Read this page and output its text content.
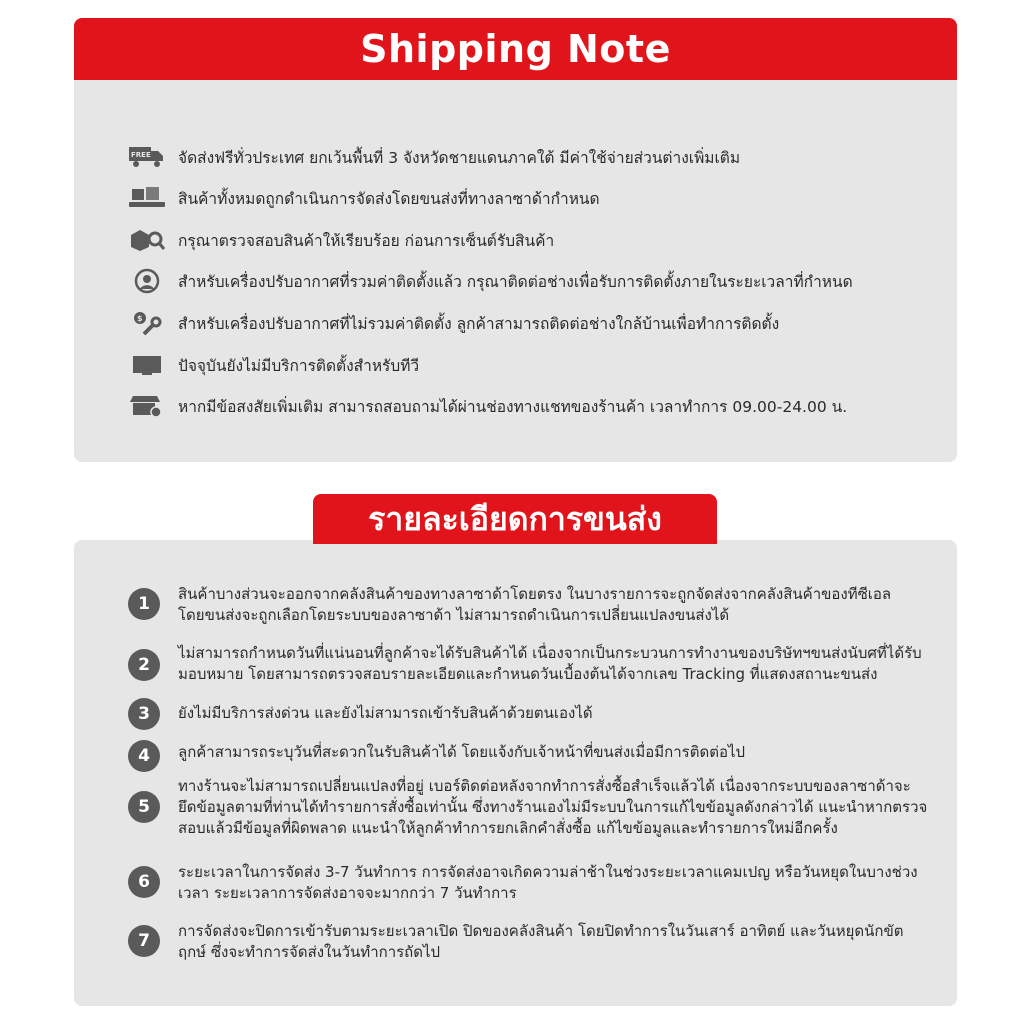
Shipping Note
FREE จัดส่งฟรีทั่วประเทศ ยกเว้นพื้นที่ 3 จังหวัดชายแดนภาคใต้ มีค่าใช้จ่ายส่วนต่างเพิ่มเติม
สินค้าทั้งหมดถูกดำเนินการจัดส่งโดยขนส่งที่ทางลาซาด้ากำหนด
กรุณาตรวจสอบสินค้าให้เรียบร้อย ก่อนการเซ็นต์รับสินค้า
สำหรับเครื่องปรับอากาศที่รวมค่าติดตั้งแล้ว กรุณาติดต่อช่างเพื่อรับการติดตั้งภายในระยะเวลาที่กำหนด
$ สำหรับเครื่องปรับอากาศที่ไม่รวมค่าติดตั้ง ลูกค้าสามารถติดต่อช่างใกล้บ้านเพื่อทำการติดตั้ง
ปัจจุบันยังไม่มีบริการติดตั้งสำหรับทีวี
หากมีข้อสงสัยเพิ่มเติม สามารถสอบถามได้ผ่านช่องทางแชทของร้านค้า เวลาทำการ 09.00-24.00 น.
รายละเอียดการขนส่ง
1	สินค้าบางส่วนจะออกจากคลังสินค้าของทางลาซาด้าโดยตรง ในบางรายการจะถูกจัดส่งจากคลังสินค้าของทีซีเอล
โดยขนส่งจะถูกเลือกโดยระบบของลาซาด้า ไม่สามารถดำเนินการเปลี่ยนแปลงขนส่งได้
2
ไม่สามารถกำหนดวันที่แน่นอนที่ลูกค้าจะได้รับสินค้าได้ เนื่องจากเป็นกระบวนการทำงานของบริษัทฯขนส่งนับศที่ได้รับ
มอบหมาย โดยสามารถตรวจสอบรายละเอียดและกำหนดวันเบื้องต้นได้จากเลข Tracking ที่แสดงสถานะขนส่ง
3	ยังไม่มีบริการส่งด่วน และยังไม่สามารถเข้ารับสินค้าด้วยตนเองได้
4	ลูกค้าสามารถระบุวันที่สะดวกในรับสินค้าได้ โดยแจ้งกับเจ้าหน้าที่ขนส่งเมื่อมีการติดต่อไป
5
ทางร้านจะไม่สามารถเปลี่ยนแปลงที่อยู่ เบอร์ติดต่อหลังจากทำการสั่งซื้อสำเร็จแล้วได้ เนื่องจากระบบของลาซาด้าจะ
ยึดข้อมูลตามที่ท่านได้ทำรายการสั่งซื้อเท่านั้น ซึ่งทางร้านเองไม่มีระบบในการแก้ไขข้อมูลดังกล่าวได้ แนะนำหากตรวจ
สอบแล้วมีข้อมูลที่ผิดพลาด แนะนำให้ลูกค้าทำการยกเลิกคำสั่งซื้อ แก้ไขข้อมูลและทำรายการใหม่อีกครั้ง
6	ระยะเวลาในการจัดส่ง 3-7 วันทำการ การจัดส่งอาจเกิดความล่าช้าในช่วงระยะเวลาแคมเปญ หรือวันหยุดในบางช่วง
เวลา ระยะเวลาการจัดส่งอาจจะมากกว่า 7 วันทำการ
7	การจัดส่งจะปิดการเข้ารับตามระยะเวลาเปิด ปิดของคลังสินค้า โดยปิดทำการในวันเสาร์ อาทิตย์ และวันหยุดนักขัต
ฤกษ์ ซึ่งจะทำการจัดส่งในวันทำการถัดไป
